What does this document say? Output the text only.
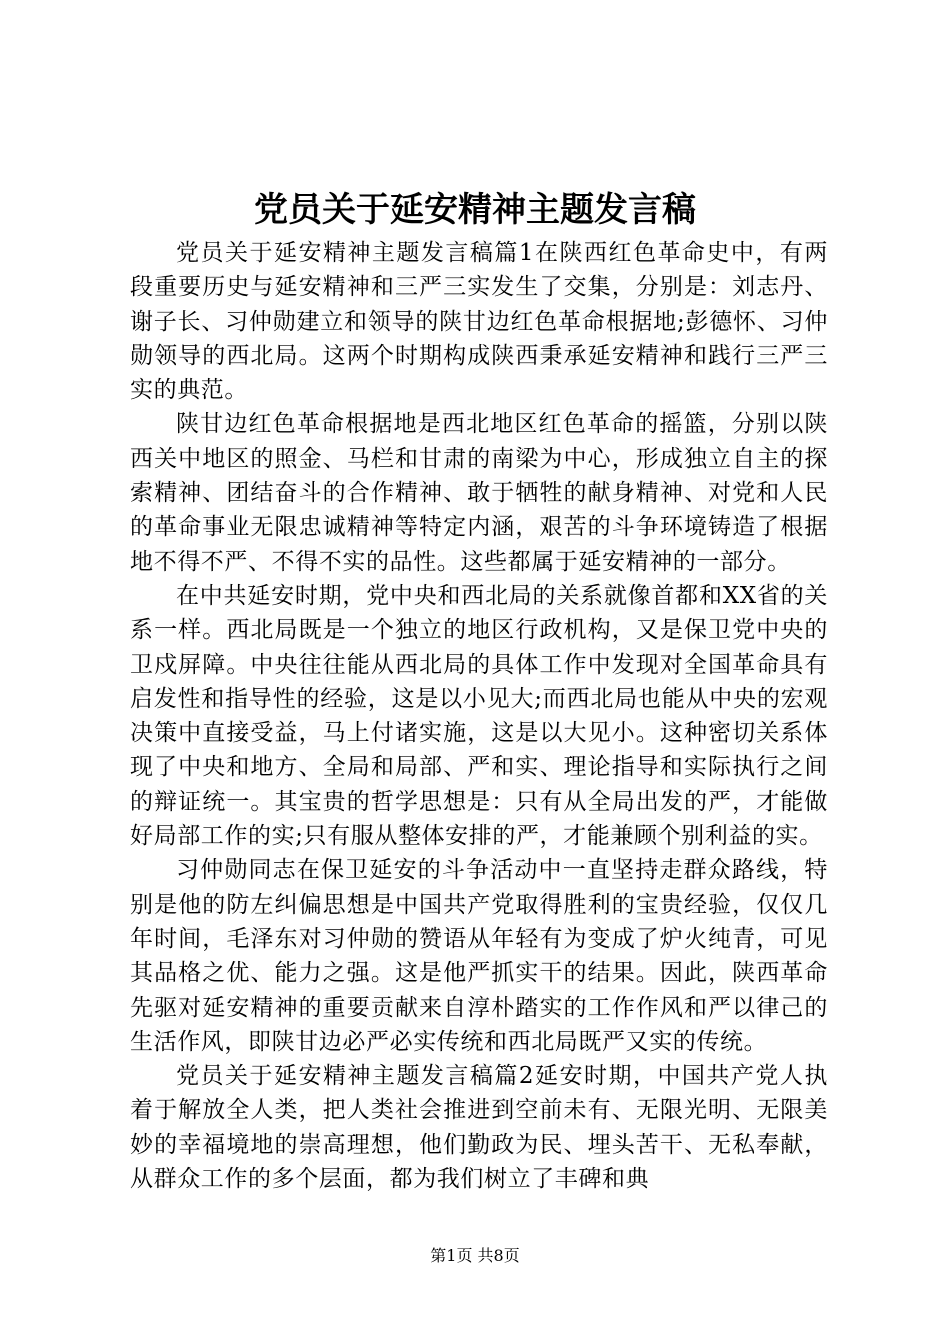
党员关于延安精神主题发言稿

党员关于延安精神主题发言稿篇1在陕西红色革命史中，有两段重要历史与延安精神和三严三实发生了交集，分别是：刘志丹、谢子长、习仲勋建立和领导的陕甘边红色革命根据地;彭德怀、习仲勋领导的西北局。这两个时期构成陕西秉承延安精神和践行三严三实的典范。

陕甘边红色革命根据地是西北地区红色革命的摇篮，分别以陕西关中地区的照金、马栏和甘肃的南梁为中心，形成独立自主的探索精神、团结奋斗的合作精神、敢于牺牲的献身精神、对党和人民的革命事业无限忠诚精神等特定内涵，艰苦的斗争环境铸造了根据地不得不严、不得不实的品性。这些都属于延安精神的一部分。

在中共延安时期，党中央和西北局的关系就像首都和XX省的关系一样。西北局既是一个独立的地区行政机构，又是保卫党中央的卫戍屏障。中央往往能从西北局的具体工作中发现对全国革命具有启发性和指导性的经验，这是以小见大;而西北局也能从中央的宏观决策中直接受益，马上付诸实施，这是以大见小。这种密切关系体现了中央和地方、全局和局部、严和实、理论指导和实际执行之间的辩证统一。其宝贵的哲学思想是：只有从全局出发的严，才能做好局部工作的实;只有服从整体安排的严，才能兼顾个别利益的实。

习仲勋同志在保卫延安的斗争活动中一直坚持走群众路线，特别是他的防左纠偏思想是中国共产党取得胜利的宝贵经验，仅仅几年时间，毛泽东对习仲勋的赞语从年轻有为变成了炉火纯青，可见其品格之优、能力之强。这是他严抓实干的结果。因此，陕西革命先驱对延安精神的重要贡献来自淳朴踏实的工作作风和严以律己的生活作风，即陕甘边必严必实传统和西北局既严又实的传统。

党员关于延安精神主题发言稿篇2延安时期，中国共产党人执着于解放全人类，把人类社会推进到空前未有、无限光明、无限美妙的幸福境地的崇高理想，他们勤政为民、埋头苦干、无私奉献，从群众工作的多个层面，都为我们树立了丰碑和典

第1页 共8页
